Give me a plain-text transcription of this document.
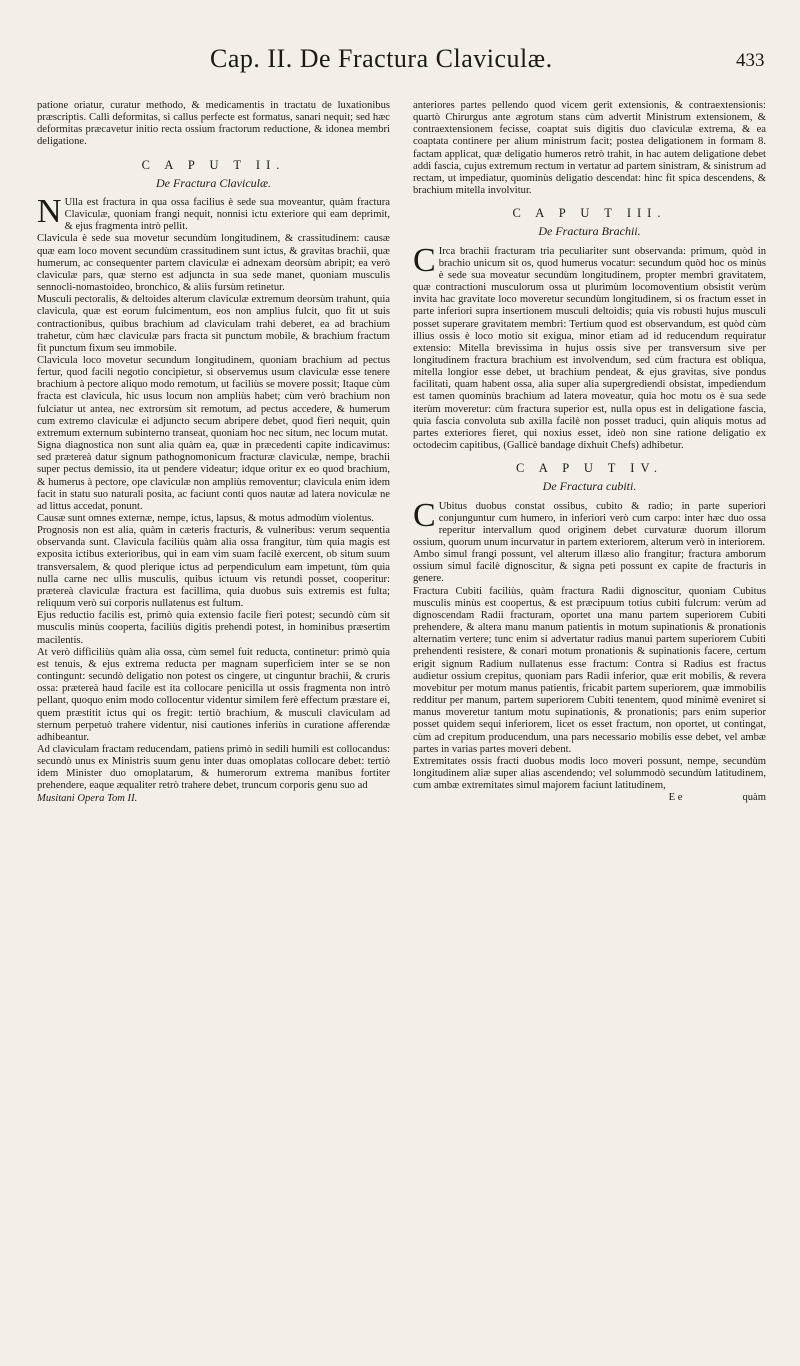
Cap. II. De Fractura Claviculæ.	433

patione oriatur, curatur methodo, & medicamentis in tractatu de luxationibus præscriptis. Calli deformitas, si callus perfecte est formatus, sanari nequit; sed hæc deformitas præcavetur initio recta ossium fractorum reductione, & idonea membri deligatione.

C A P U T II.
De Fractura Claviculæ.

N Ulla est fractura in qua ossa facilius è sede sua moveantur, quàm fractura Claviculæ, quoniam frangi nequit, nonnisi ictu exteriore qui eam deprimit, & ejus fragmenta intrò pellit.

Clavicula è sede sua movetur secundùm longitudinem, & crassitudinem: causæ quæ eam loco movent secundùm crassitudinem sunt ictus, & gravitas brachii, quæ humerum, ac consequenter partem claviculæ ei adnexam deorsùm abripit; ea verò claviculæ pars, quæ sterno est adjuncta in sua sede manet, quoniam musculis sennocli-nomastoideo, bronchico, & aliis fursùm retinetur.

Musculi pectoralis, & deltoides alterum claviculæ extremum deorsùm trahunt, quia clavicula, quæ est eorum fulcimentum, eos non amplius fulcit, quo fit ut suis contractionibus, quibus brachium ad claviculam trahi deberet, ea ad brachium trahetur, cùm hæc claviculæ pars fracta sit punctum mobile, & brachium fractum fit punctum fixum seu immobile.

Clavicula loco movetur secundum longitudinem, quoniam brachium ad pectus fertur, quod facili negotio concipietur, si observemus usum claviculæ esse tenere brachium à pectore aliquo modo remotum, ut faciliùs se movere possit; Itaque cùm fracta est clavicula, hic usus locum non ampliùs habet; cùm verò brachium non fulciatur ut antea, nec extrorsùm sit remotum, ad pectus accedere, & humerum cum extremo claviculæ ei adjuncto secum abripere debet, quod fieri nequit, quin extremum externum subinterno transeat, quoniam hoc nec situm, nec locum mutat.

Signa diagnostica non sunt alia quàm ea, quæ in præcedenti capite indicavimus: sed prætereà datur signum pathognomonicum fracturæ claviculæ, nempe, brachii super pectus demissio, ita ut pendere videatur; idque oritur ex eo quod brachium, & humerus à pectore, ope claviculæ non ampliùs removentur; clavicula enim idem facit in statu suo naturali posita, ac faciunt conti quos nautæ ad latera noviculæ ne ad littus accedat, ponunt.

Causæ sunt omnes externæ, nempe, ictus, lapsus, & motus admodùm violentus.

Prognosis non est alia, quàm in cæteris fracturis, & vulneribus: verum sequentia observanda sunt. Clavicula faciliùs quàm alia ossa frangitur, tùm quia magis est exposita ictibus exterioribus, qui in eam vim suam facilè exercent, ob situm suum transversalem, & quod plerique ictus ad perpendiculum eam impetunt, tùm quia nulla carne nec ullis musculis, quibus ictuum vis retundi posset, cooperitur: prætereà claviculæ fractura est facillima, quia duobus suis extremis est fulta; reliquum verò sui corporis nullatenus est fultum.

Ejus reductio facilis est, primò quia extensio facile fieri potest; secundò cùm sit musculis minùs cooperta, faciliùs digitis prehendi potest, in hominibus præsertim macilentis.

At verò difficiliùs quàm alia ossa, cùm semel fuit reducta, continetur: primò quia est tenuis, & ejus extrema reducta per magnam superficiem inter se se non contingunt: secundò deligatio non potest os cingere, ut cinguntur brachii, & cruris ossa: prætereà haud facile est ita collocare penicilla ut ossis fragmenta non intrò pellant, quoquo enim modo collocentur videntur similem ferè effectum præstare ei, quem præstitit ictus qui os fregit: tertiò brachium, & musculi claviculam ad sternum perpetuò trahere videntur, nisi cautiones inferiùs in curatione afferendæ adhibeantur.

Ad claviculam fractam reducendam, patiens primò in sedili humili est collocandus: secundò unus ex Ministris suum genu inter duas omoplatas collocare debet: tertiò idem Minister duo omoplatarum, & humerorum extrema manibus fortiter prehendere, eaque æqualiter retrò trahere debet, truncum corporis genu suo ad

Musitani Opera Tom II.

anteriores partes pellendo quod vicem gerit extensionis, & contraextensionis: quartò Chirurgus ante ægrotum stans cùm advertit Ministrum extensionem, & contraextensionem fecisse, coaptat suis digitis duo claviculæ extrema, & ea coaptata continere per alium ministrum facit; postea deligationem in formam 8. factam applicat, quæ deligatio humeros retrò trahit, in hac autem deligatione debet addi fascia, cujus extremum rectum in vertatur ad partem sinistram, & sinistrum ad rectam, ut impediatur, quominùs deligatio descendat: hinc fit spica descendens, & brachium mitella involvitur.

C A P U T III.
De Fractura Brachii.

C Irca brachii fracturam tria peculiariter sunt observanda: primum, quòd in brachio unicum sit os, quod humerus vocatur: secundum quòd hoc os minùs è sede sua moveatur secundùm longitudinem, propter membri gravitatem, quæ contractioni musculorum ossa ut plurimùm locomoventium obsistit verùm invita hac gravitate loco moveretur secundùm longitudinem, si os fractum esset in parte inferiori supra insertionem musculi deltoidis; quia vis robusti hujus musculi posset superare gravitatem membri: Tertium quod est observandum, est quòd cùm illius ossis è loco motio sit exigua, minor etiam ad id reducendum requiratur extensio: Mitella brevissima in hujus ossis sive per transversum sive per longitudinem fractura brachium est involvendum, sed cùm fractura est obliqua, mitella longior esse debet, ut brachium pendeat, & ejus gravitas, sive pondus facilitati, quam habent ossa, alia super alia supergrediendi obsistat, impediendum est tamen quominùs brachium ad latera moveatur, quia hoc motu os è sua sede iterùm moveretur: cùm fractura superior est, nulla opus est in deligatione fascia, quia fascia convoluta sub axilla facilè non posset traduci, quin aliquis motus ad partes exteriores fieret, qui noxius esset, ideò non sine ratione deligatio ex octodecim capitibus, (Gallicè bandage dixhuit Chefs) adhibetur.

C A P U T IV.
De Fractura cubiti.

C Ubitus duobus constat ossibus, cubito & radio; in parte superiori conjunguntur cum humero, in inferiori verò cum carpo: inter hæc duo ossa reperitur intervallum quod originem debet curvaturæ duorum illorum ossium, quorum unum incurvatur in partem exteriorem, alterum verò in interiorem.

Ambo simul frangi possunt, vel alterum illæso alio frangitur; fractura amborum ossium simul facilè dignoscitur, & signa peti possunt ex capite de fracturis in genere.

Fractura Cubiti faciliùs, quàm fractura Radii dignoscitur, quoniam Cubitus musculis minùs est coopertus, & est præcipuum totius cubiti fulcrum: verùm ad dignoscendam Radii fracturam, oportet una manu partem superiorem Cubiti prehendere, & altera manu manum patientis in motum supinationis & pronationis alternatim vertere; tunc enim si advertatur radius manui partem superiorem Cubiti prehendenti resistere, & conari motum pronationis & supinationis facere, certum erigit signum Radium nullatenus esse fractum: Contra si Radius est fractus audietur ossium crepitus, quoniam pars Radii inferior, quæ erit mobilis, & revera movebitur per motum manus patientis, fricabit partem superiorem, quæ immobilis redditur per manum, partem superiorem Cubiti tenentem, quod minimè eveniret si manus moveretur tantum motu supinationis, & pronationis; pars enim superior posset quidem sequi inferiorem, licet os esset fractum, non oportet, ut contingat, cùm ad crepitum producendum, una pars necessario mobilis esse debet, vel ambæ partes in varias partes moveri debent.

Extremitates ossis fracti duobus modis loco moveri possunt, nempe, secundùm longitudinem aliæ super alias ascendendo; vel solummodò secundùm latitudinem, cum ambæ extremitates simul majorem faciunt latitudinem,

E e	quàm
